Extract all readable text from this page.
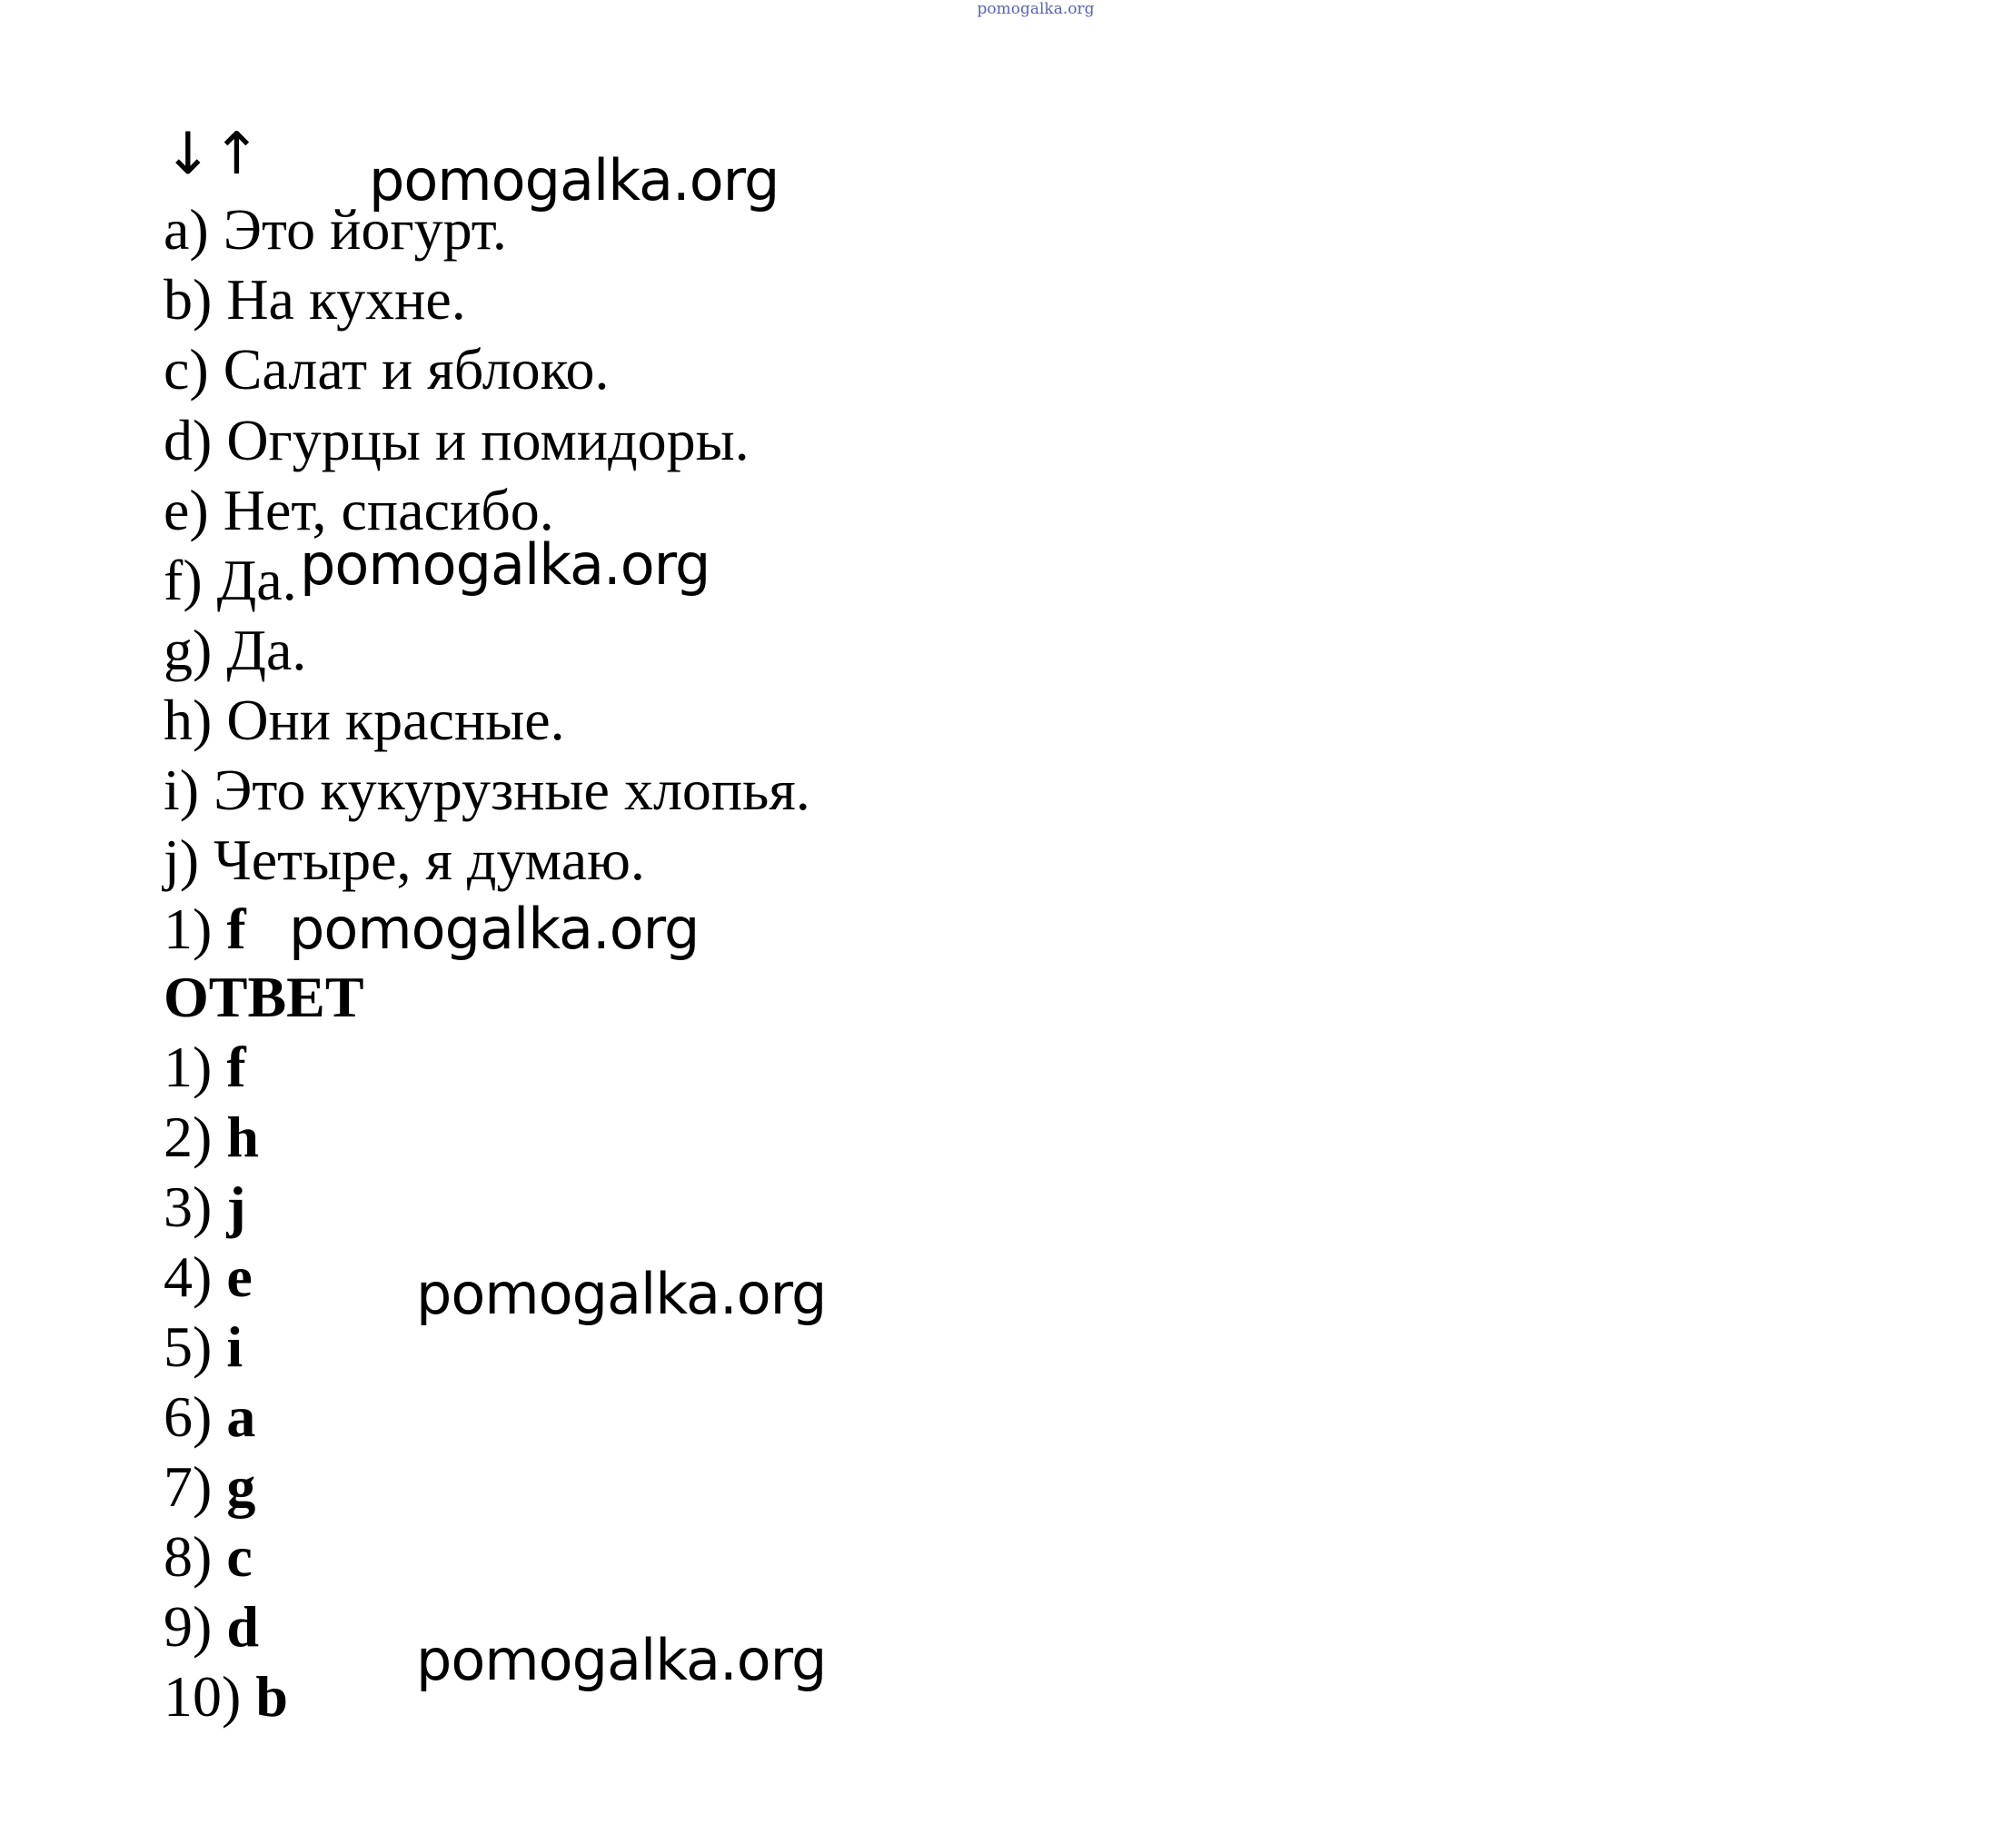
pomogalka.org
↓↑
a) Это йогурт.
b) На кухне.
c) Салат и яблоко.
d) Огурцы и помидоры.
e) Нет, спасибо.
f) Да.
g) Да.
h) Они красные.
i) Это кукурузные хлопья.
j) Четыре, я думаю.
1) f
ОТВЕТ
1) f
2) h
3) j
4) e
5) i
6) a
7) g
8) c
9) d
10) b
pomogalka.org
pomogalka.org
pomogalka.org
pomogalka.org
pomogalka.org
